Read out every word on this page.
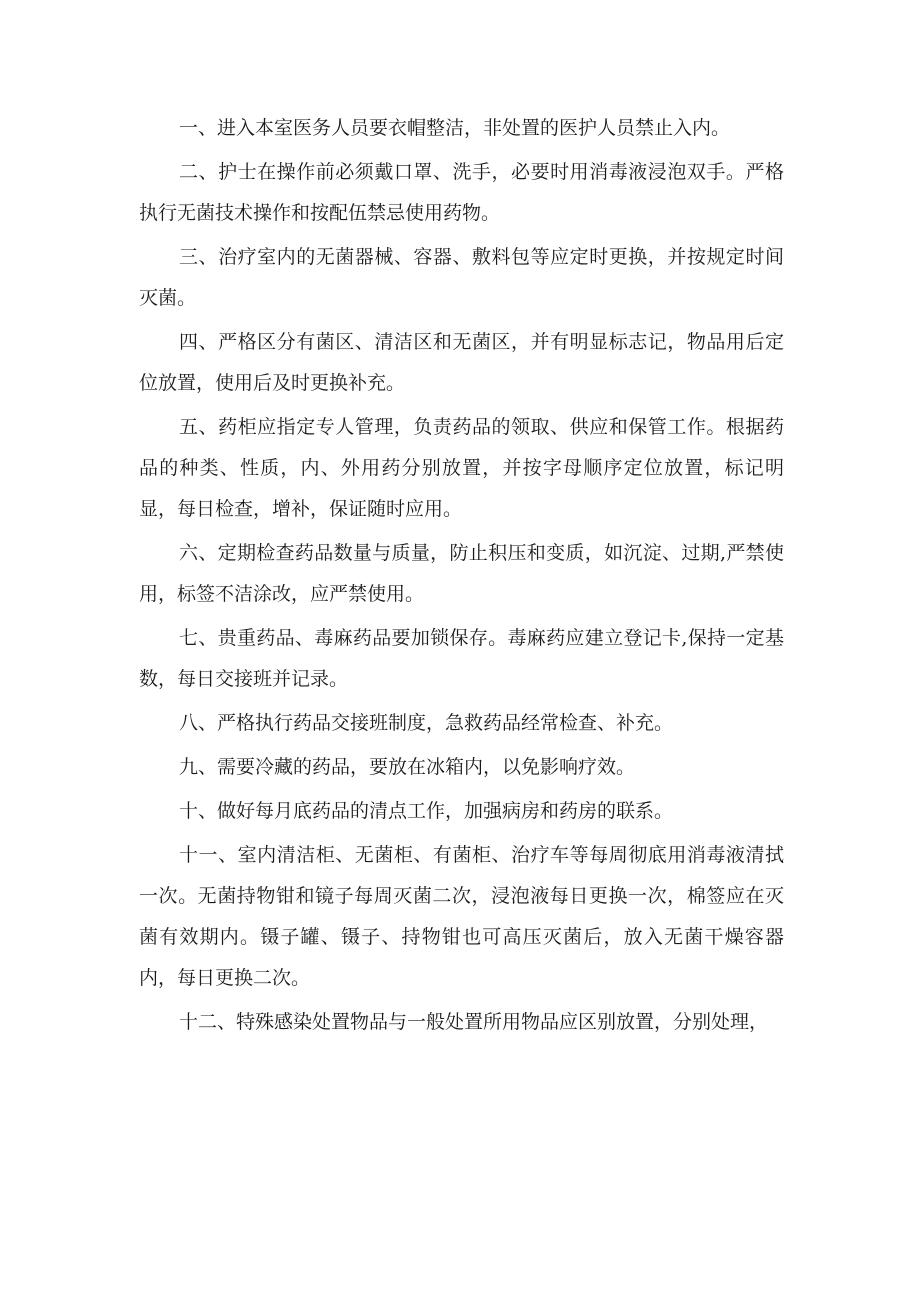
一、进入本室医务人员要衣帽整洁，非处置的医护人员禁止入内。

二、护士在操作前必须戴口罩、洗手，必要时用消毒液浸泡双手。严格执行无菌技术操作和按配伍禁忌使用药物。

三、治疗室内的无菌器械、容器、敷料包等应定时更换，并按规定时间灭菌。

四、严格区分有菌区、清洁区和无菌区，并有明显标志记，物品用后定位放置，使用后及时更换补充。

五、药柜应指定专人管理，负责药品的领取、供应和保管工作。根据药品的种类、性质，内、外用药分别放置，并按字母顺序定位放置，标记明显，每日检查，增补，保证随时应用。

六、定期检查药品数量与质量，防止积压和变质，如沉淀、过期,严禁使用，标签不洁涂改，应严禁使用。

七、贵重药品、毒麻药品要加锁保存。毒麻药应建立登记卡,保持一定基数，每日交接班并记录。

八、严格执行药品交接班制度，急救药品经常检查、补充。

九、需要冷藏的药品，要放在冰箱内，以免影响疗效。

十、做好每月底药品的清点工作，加强病房和药房的联系。

十一、室内清洁柜、无菌柜、有菌柜、治疗车等每周彻底用消毒液清拭一次。无菌持物钳和镜子每周灭菌二次，浸泡液每日更换一次，棉签应在灭菌有效期内。镊子罐、镊子、持物钳也可高压灭菌后，放入无菌干燥容器内，每日更换二次。

十二、特殊感染处置物品与一般处置所用物品应区别放置，分别处理，
